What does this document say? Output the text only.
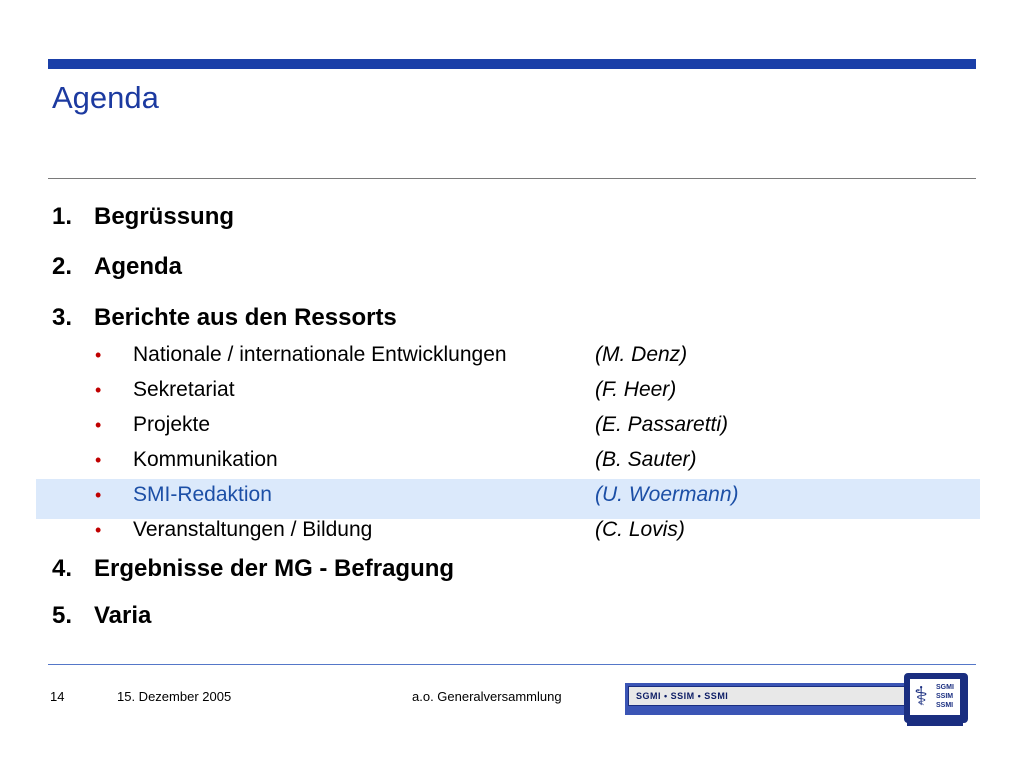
Agenda
1. Begrüssung
2. Agenda
3. Berichte aus den Ressorts
• Nationale / internationale Entwicklungen	(M. Denz)
• Sekretariat	(F. Heer)
• Projekte	(E. Passaretti)
• Kommunikation	(B. Sauter)
• SMI-Redaktion	(U. Woermann)
• Veranstaltungen / Bildung	(C. Lovis)
4. Ergebnisse der MG - Befragung
5. Varia
14	15. Dezember 2005	a.o. Generalversammlung	SGMI • SSIM • SSMI	⚕ SGMI
SSIM
SSMI
